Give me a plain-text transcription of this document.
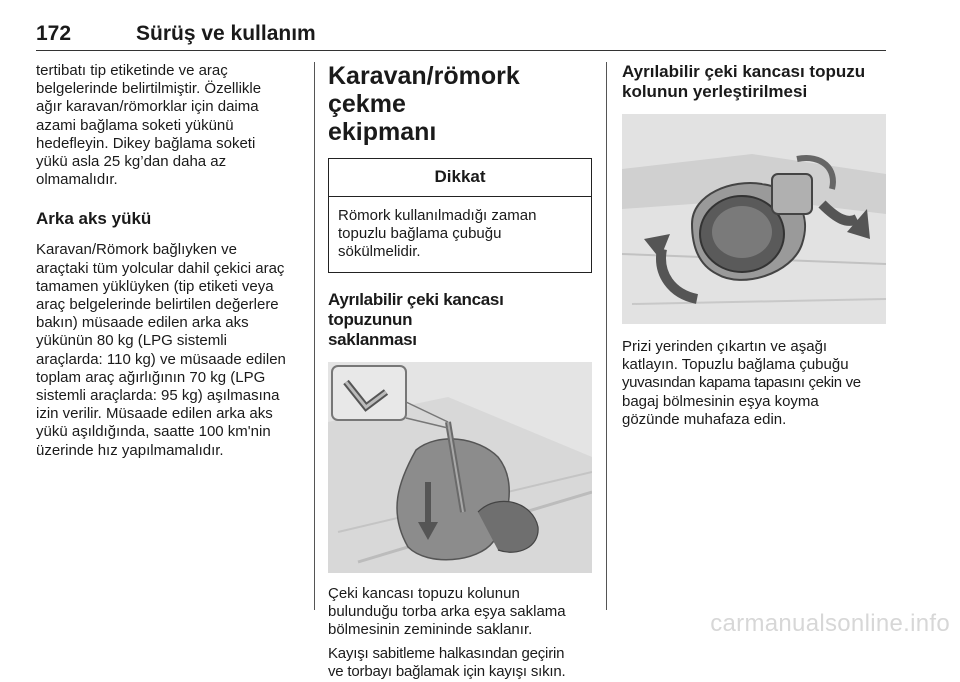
172	Sürüş ve kullanım

tertibatı tip etiketinde ve araç
belgelerinde belirtilmiştir. Özellikle
ağır karavan/römorklar için daima
azami bağlama soketi yükünü
hedefleyin. Dikey bağlama soketi
yükü asla 25 kg’dan daha az
olmamalıdır.

Arka aks yükü

Karavan/Römork bağlıyken ve
araçtaki tüm yolcular dahil çekici araç
tamamen yüklüyken (tip etiketi veya
araç belgelerinde belirtilen değerlere
bakın) müsaade edilen arka aks
yükünün 80 kg (LPG sistemli
araçlarda: 110 kg) ve müsaade edilen
toplam araç ağırlığının 70 kg (LPG
sistemli araçlarda: 95 kg) aşılmasına
izin verilir. Müsaade edilen arka aks
yükü aşıldığında, saatte 100 km'nin
üzerinde hız yapılmamalıdır.

Karavan/römork çekme
ekipmanı
Dikkat
Römork kullanılmadığı zaman
topuzlu bağlama çubuğu
sökülmelidir.
Ayrılabilir çeki kancası topuzunun
saklanması

Çeki kancası topuzu kolunun
bulunduğu torba arka eşya saklama
bölmesinin zemininde saklanır.

Kayışı sabitleme halkasından geçirin
ve torbayı bağlamak için kayışı sıkın.

Ayrılabilir çeki kancası topuzu
kolunun yerleştirilmesi

Prizi yerinden çıkartın ve aşağı
katlayın. Topuzlu bağlama çubuğu
yuvasından kapama tapasını çekin ve
bagaj bölmesinin eşya koyma
gözünde muhafaza edin.

carmanualsonline.info
